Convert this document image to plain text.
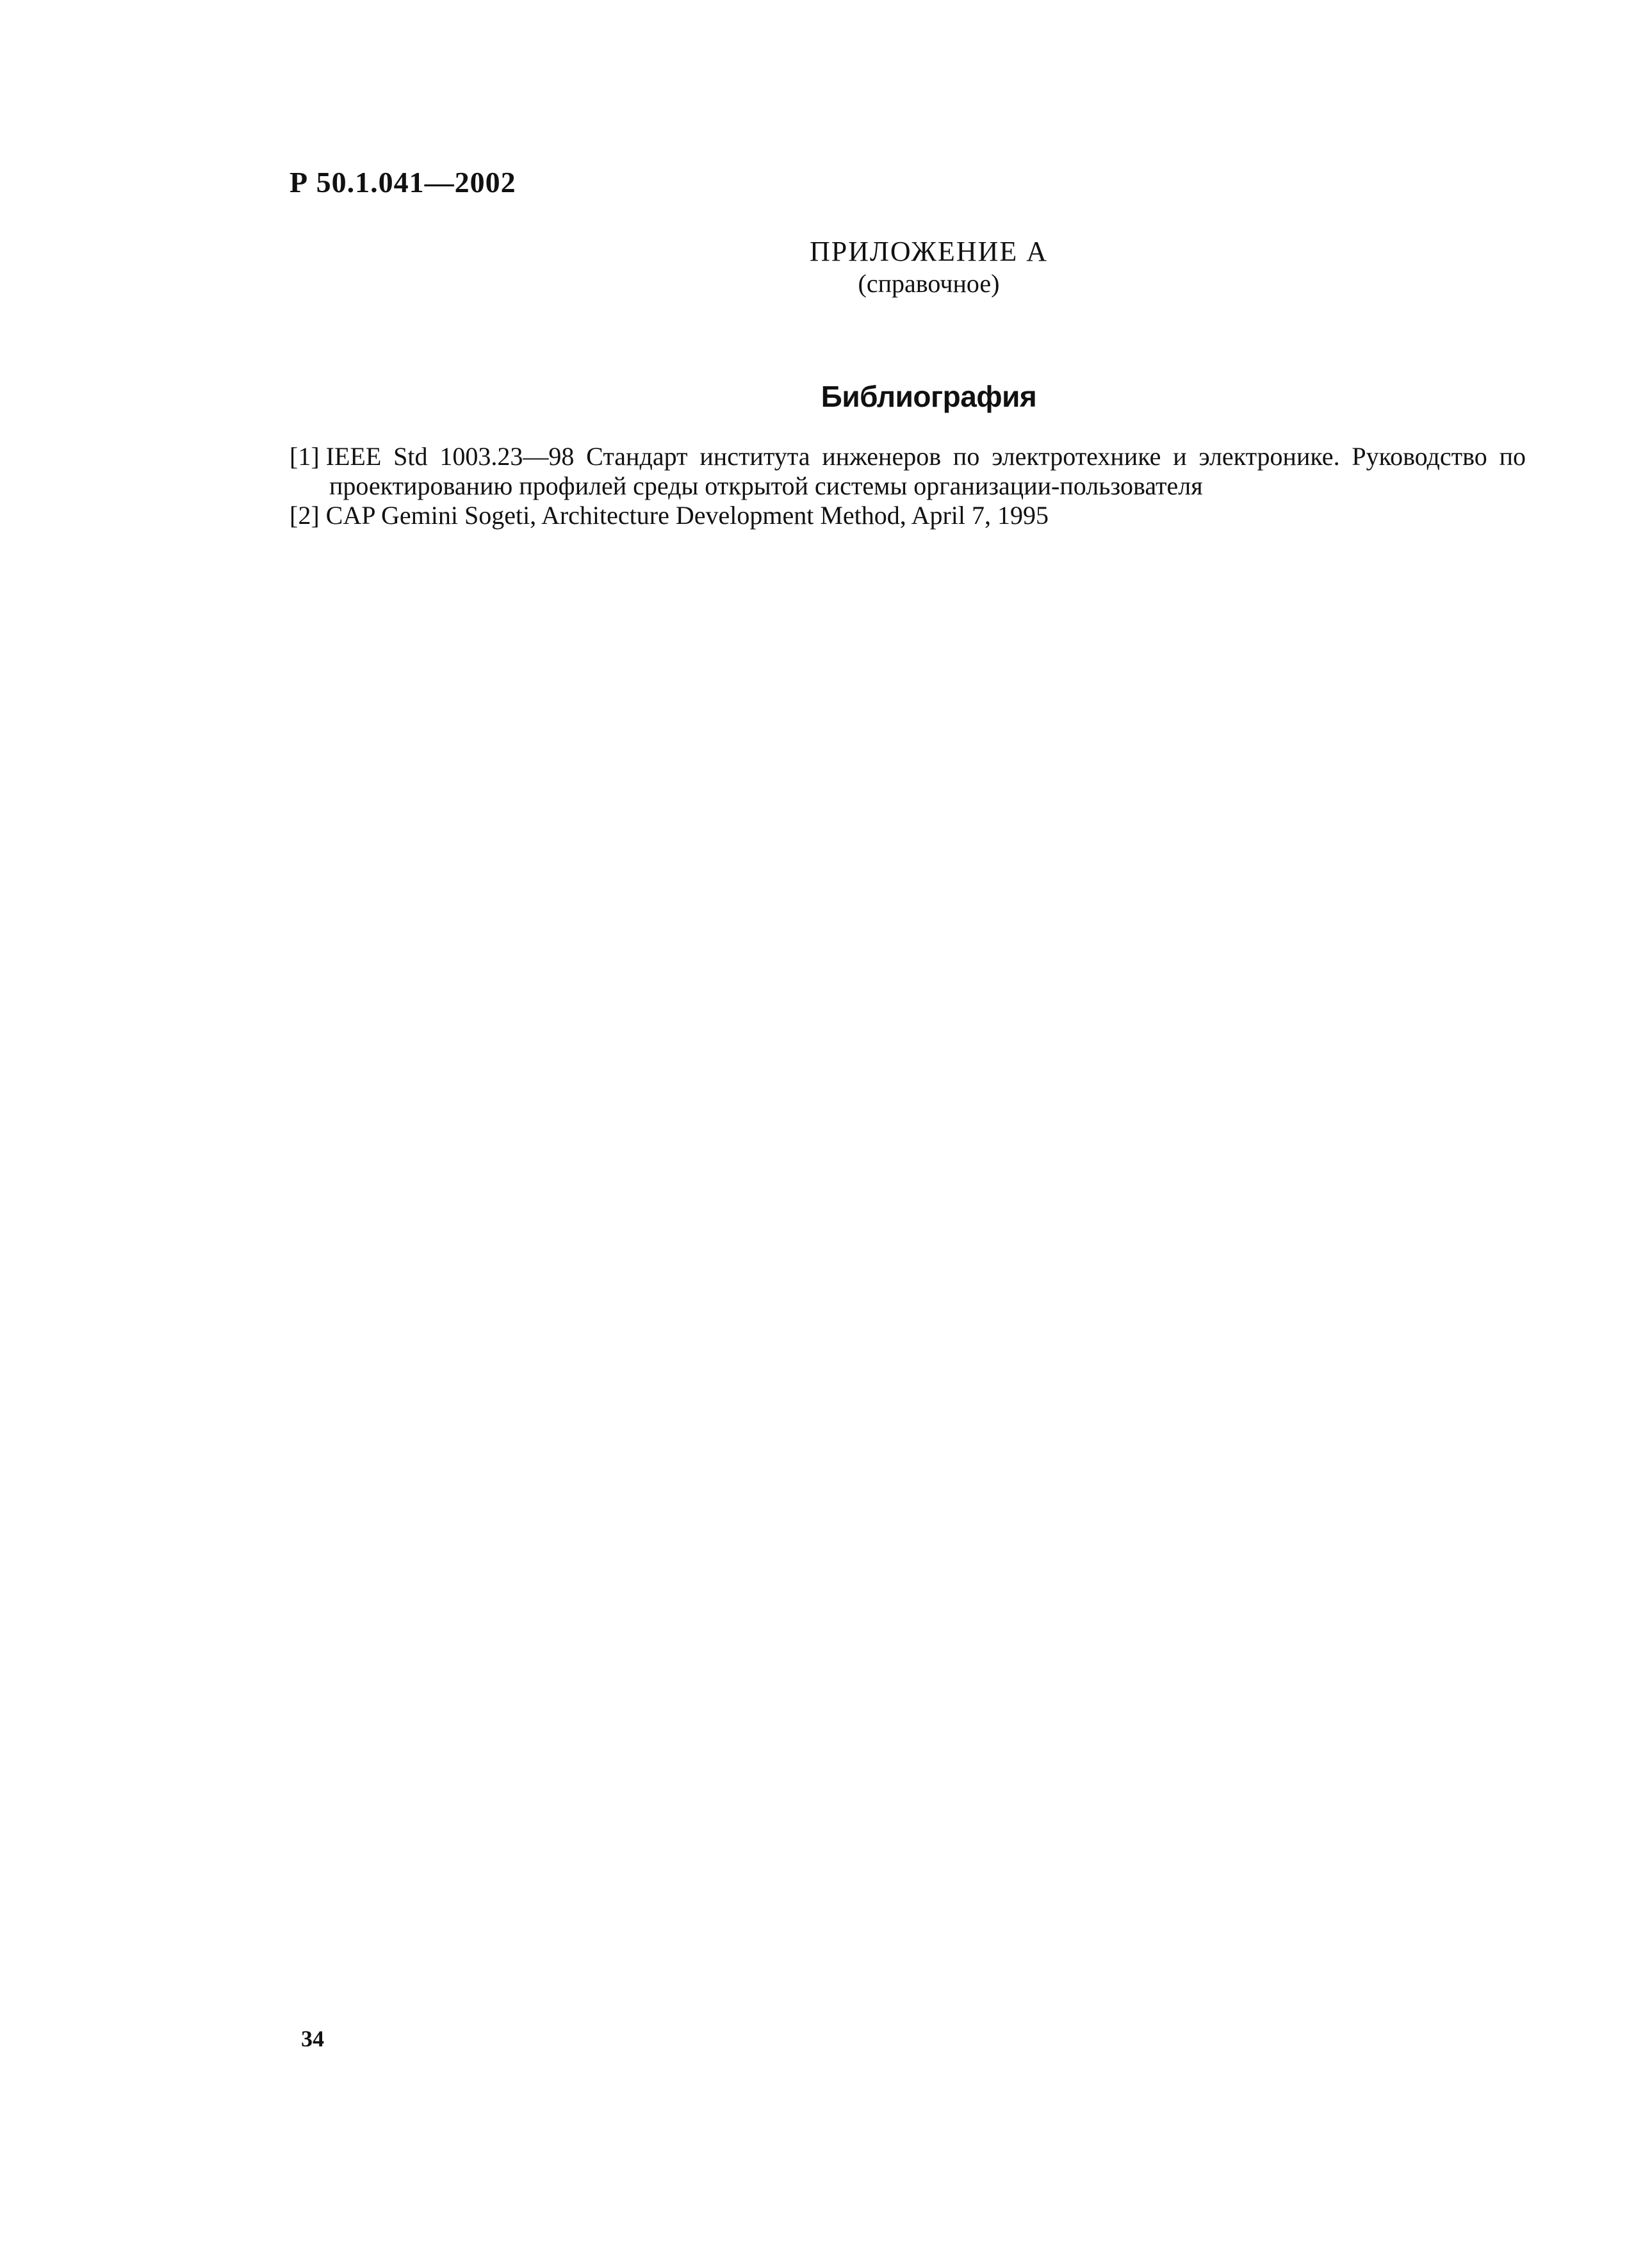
Р 50.1.041—2002
ПРИЛОЖЕНИЕ А
(справочное)
Библиография
[1] IEEE Std 1003.23—98 Стандарт института инженеров по электротехнике и электронике. Руководство по проектированию профилей среды открытой системы организации-пользователя
[2] CAP Gemini Sogeti, Architecture Development Method, April 7, 1995
34
